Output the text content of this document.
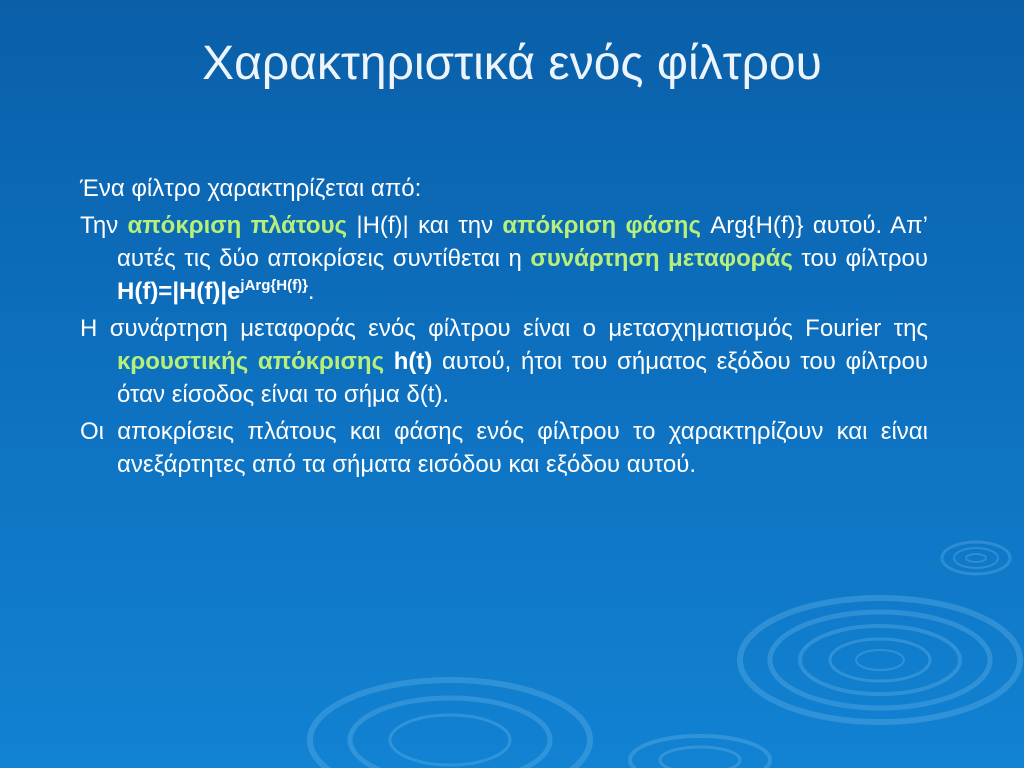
Χαρακτηριστικά ενός φίλτρου

Ένα φίλτρο χαρακτηρίζεται από:

Την απόκριση πλάτους |H(f)| και την απόκριση φάσης Arg{H(f)} αυτού. Απ’ αυτές τις δύο αποκρίσεις συντίθεται η συνάρτηση μεταφοράς του φίλτρου $H(f)=|H(f)|e^{jArg\{H(f)\}}$.

Η συνάρτηση μεταφοράς ενός φίλτρου είναι ο μετασχηματισμός Fourier της κρουστικής απόκρισης h(t) αυτού, ήτοι του σήματος εξόδου του φίλτρου όταν είσοδος είναι το σήμα δ(t).

Οι αποκρίσεις πλάτους και φάσης ενός φίλτρου το χαρακτηρίζουν και είναι ανεξάρτητες από τα σήματα εισόδου και εξόδου αυτού.
